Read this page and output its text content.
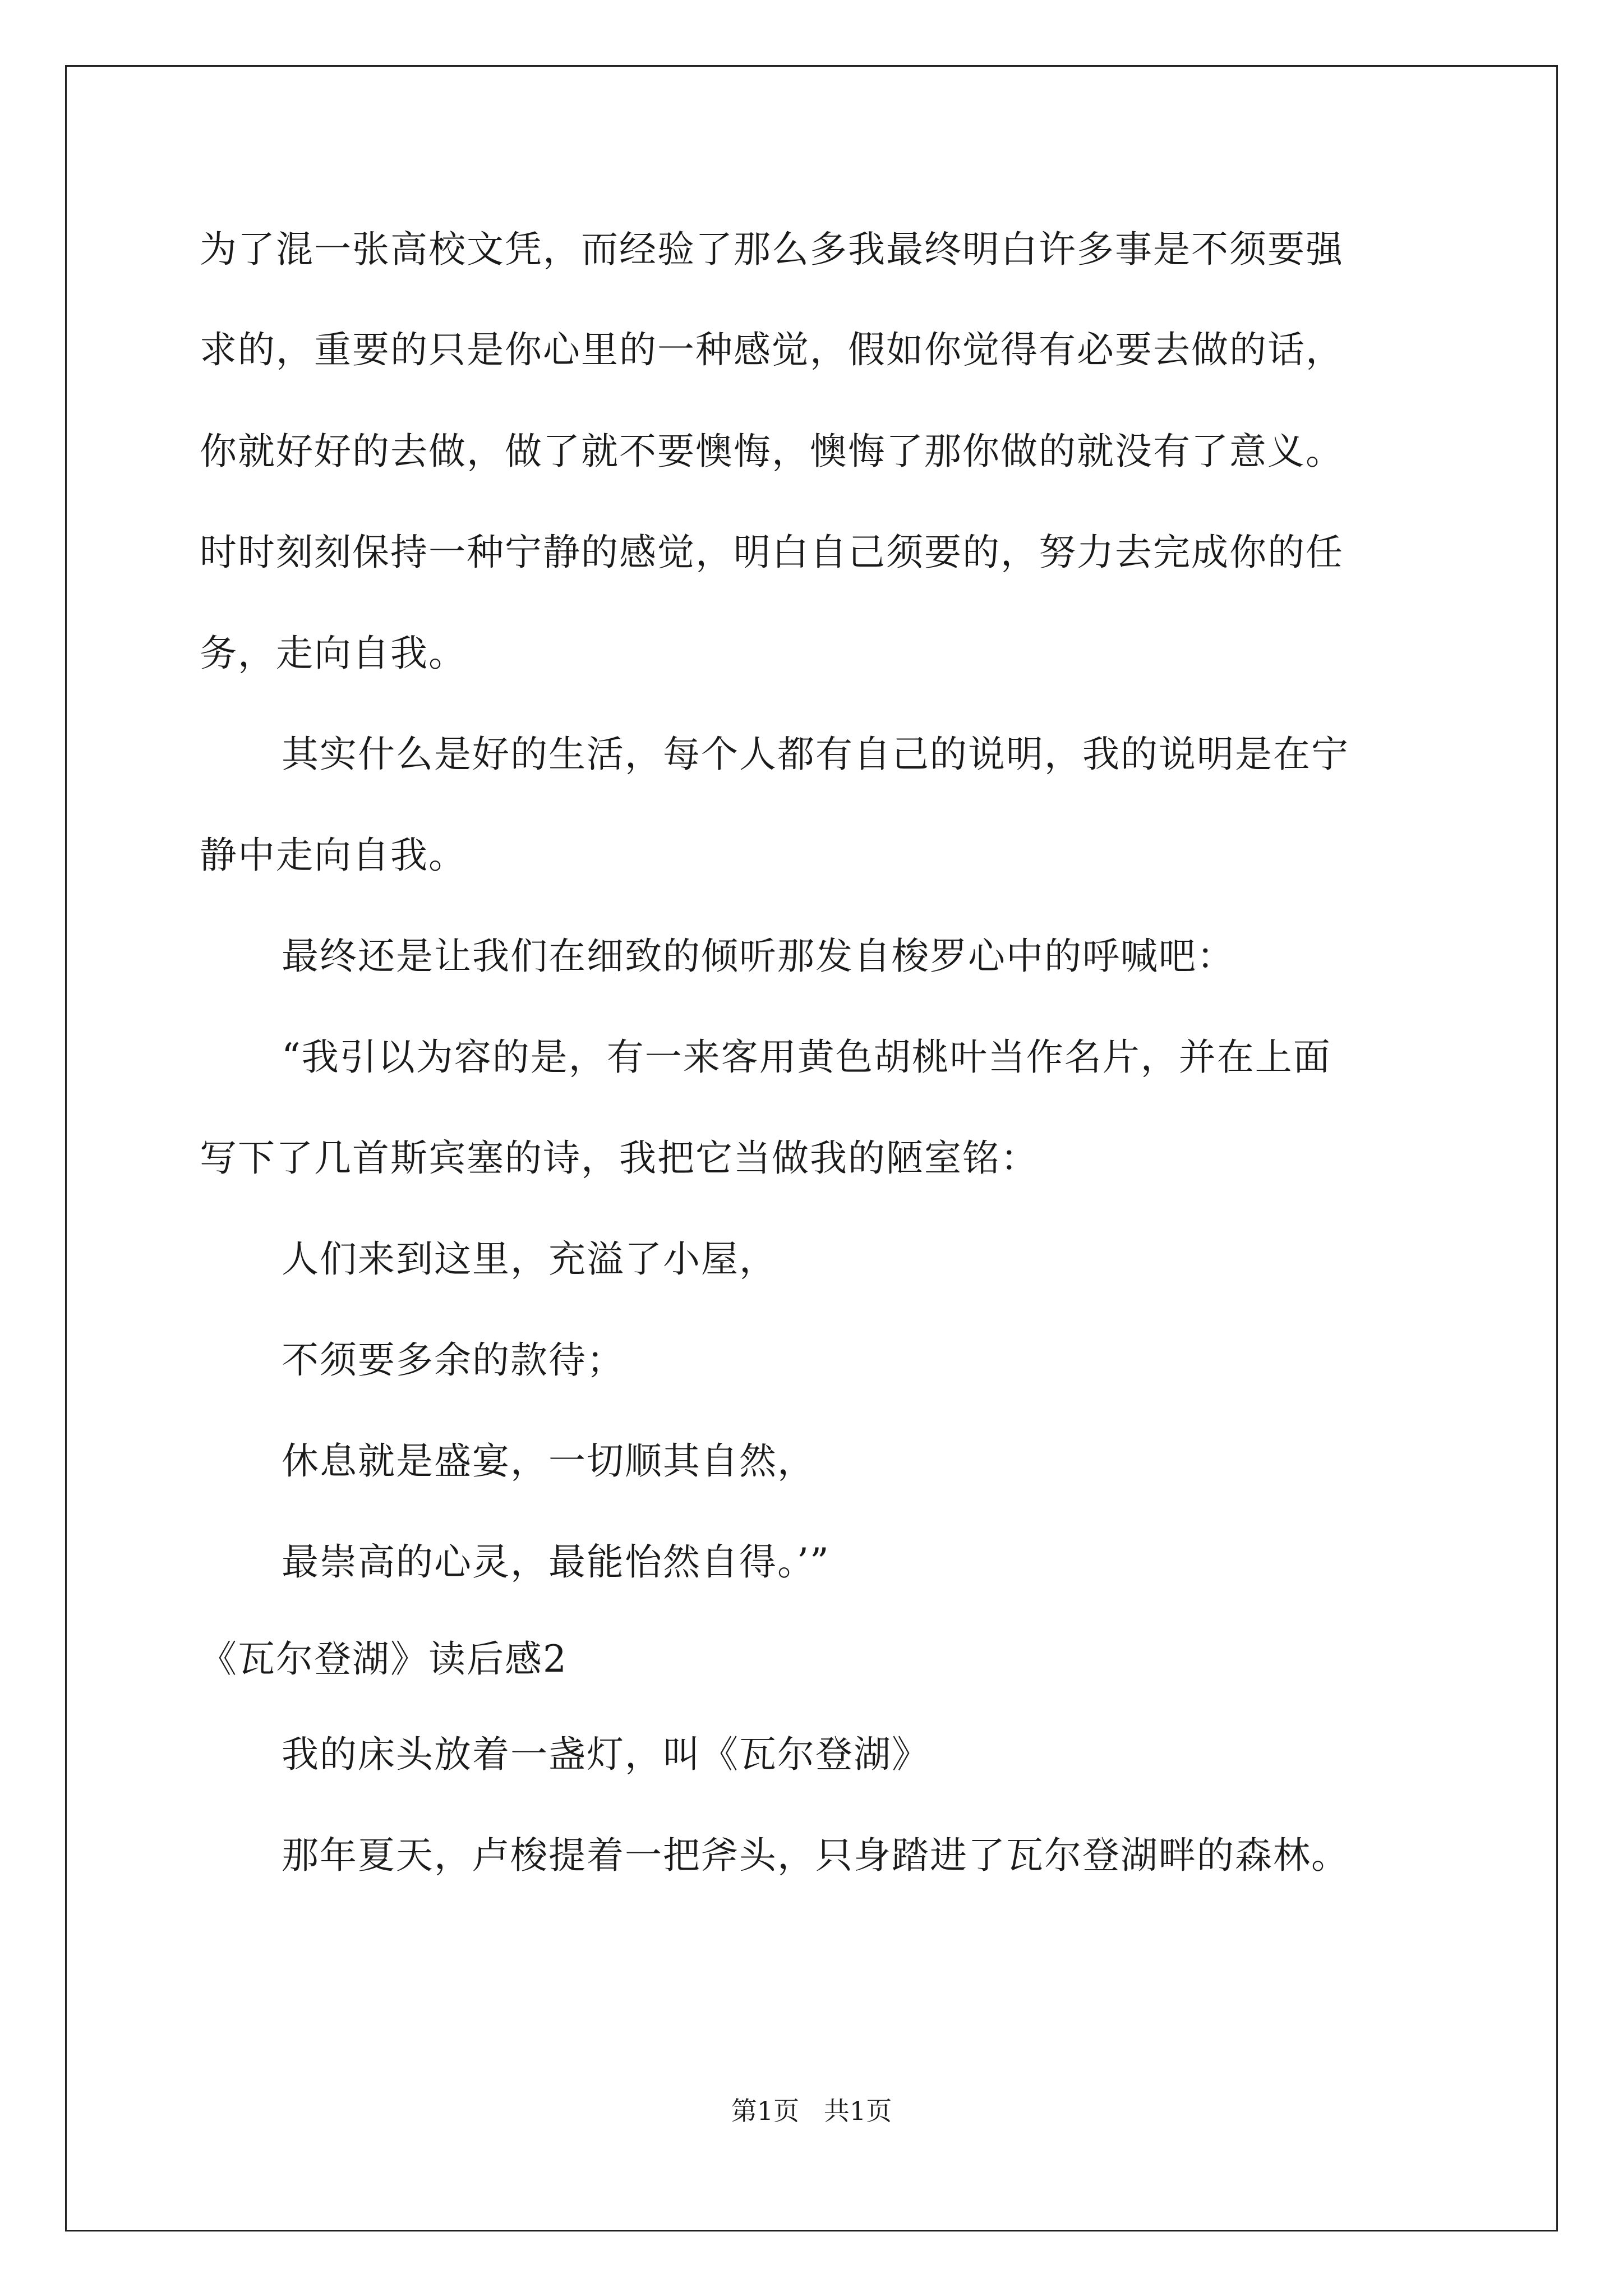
为了混一张高校文凭，而经验了那么多我最终明白许多事是不须要强
求的，重要的只是你心里的一种感觉，假如你觉得有必要去做的话，
你就好好的去做，做了就不要懊悔，懊悔了那你做的就没有了意义。
时时刻刻保持一种宁静的感觉，明白自己须要的，努力去完成你的任
务，走向自我。
其实什么是好的生活，每个人都有自己的说明，我的说明是在宁
静中走向自我。
最终还是让我们在细致的倾听那发自梭罗心中的呼喊吧：
“我引以为容的是，有一来客用黄色胡桃叶当作名片，并在上面
写下了几首斯宾塞的诗，我把它当做我的陋室铭：
人们来到这里，充溢了小屋，
不须要多余的款待；
休息就是盛宴，一切顺其自然，
最崇高的心灵，最能怡然自得。’”
《瓦尔登湖》读后感2
我的床头放着一盏灯，叫《瓦尔登湖》
那年夏天，卢梭提着一把斧头，只身踏进了瓦尔登湖畔的森林。
第1页   共1页
